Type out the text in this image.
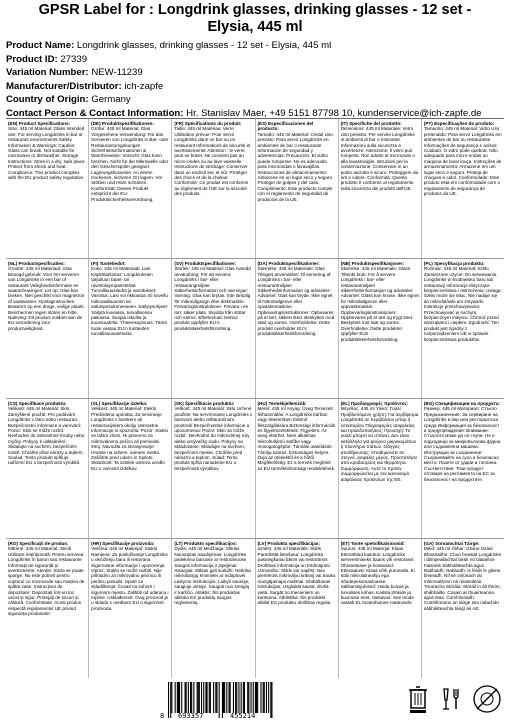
GPSR Label for : Longdrink glasses, drinking glasses - 12 set -
Elysia, 445 ml
Product Name: Longdrink glasses, drinking glasses - 12 set - Elysia, 445 ml
Product ID: 27339
Variation Number: NEW-11239
Manufacturer/Distributor: ich-zapfe
Country of Origin: Germany
Contact Person & Contact Information: Hr. Stanislav Maer, +49 5151 87798 10, kundenservice@ich-zapfe.de

(EN) Product Specifications:

Size: 445 ml Material: Glass Intended use: For serving Longdrinks in bar or restaurant environments Safety Information & Warnings: Caution: Glass can break. Not suitable for microwave or dishwasher. Storage Instructions: Store in a dry, safe place. Protect from shock and heat. Compliance: This product complies with the EU product safety regulation.

(DE) Produktspezifikationen:

Größe: 445 ml Material: Glas Vorgesehene Verwendung: Für das Servieren von Longdrinks in Bar- oder Restaurantumgebungen Sicherheitsinformationen & Warnhinweise: Vorsicht: Glas kann brechen. Nicht für die Mikrowelle oder den Geschirrspüler geeignet. Lagerungshinweise: An einem trockenen, sicheren Ort lagern. Vor Stößen und Hitze schützen. Konformität: Dieses Produkt entspricht der EU-Produktsicherheitsverordnung.

(FR) Spécifications du produit:

Taille: 445 ml Matériau: Verre Utilisation prévue: Pour servir Longdrinks dans un bar ou un restaurant Informations de sécurité et avertissements: Attention : le verre peut se briser. Ne convient pas au micro-ondes ou au lave-vaisselle. Instructions de stockage: Conserver dans un endroit sec et sûr. Protéger des chocs et de la chaleur. Conformité: Ce produit est conforme au règlement de l'UE sur la sécurité des produits.

(ES) Especificaciones del producto:

Tamaño: 445 ml Material: Cristal Uso previsto: Para servir Longdrinks en ambientes de bar o restaurante Información de seguridad y advertencias: Precaución: El vidrio puede romperse. No es adecuado para microondas o lavavajillas. Instrucciones de almacenamiento: Almacene en un lugar seco y seguro. Proteger de golpes y del calor. Cumplimiento: Este producto cumple con el reglamento de seguridad de productos de la UE.

(IT) Specifiche del prodotto:

Dimensioni: 445 ml Materiale: Vetro Uso previsto: Per servire Longdrinks in ambienti di bar o ristorante Informazioni sulla sicurezza e avvertenze: Attenzione: Il vetro può rompersi. Non adatto al microonde o alla lavastoviglie. Istruzioni per la conservazione: Conservare in un posto asciutto e sicuro. Proteggere da urti e calore. Conformità: Questo prodotto è conforme al regolamento sulla sicurezza dei prodotti dell'UE.

(PT) Especificações do produto:

Tamanho: 445 ml Material: Vidro Uso pretendido: Para servir Longdrinks em ambientes de bar ou restaurante Informações de segurança e avisos: Cuidado: O vidro pode quebrar. Não adequado para micro-ondas ou máquina de lavar louça. Instruções de armazenamento: Armazene em um lugar seco e seguro. Proteja de choques e calor. Conformidade: Este produto está em conformidade com o regulamento de segurança de produtos da UE.

(NL) Productspecificaties:

Grootte: 445 ml Materiaal: Glas Beoogd gebruik: Voor het serveren van Longdrinks in een bar of restaurant Veiligheidsinformatie en waarschuwingen: Let op: Glas kan breken. Niet geschikt voor magnetron of vaatwasser. Opslaginstructies: Bewaren op een droge, veilige plaats. Beschermen tegen stoten en hitte. Naleving: Dit product voldoet aan de EU-verordening voor productveiligheid.

(FI) Tuotetiedot:

Koko: 445 ml Materiaali: Lasi Käyttötarkoitus: Longdrinksien tarjoiluun baari- tai ravintolaympäristössä Turvallisuustiedot ja varoitukset: Varoitus: Lasi voi rikkoutua. Ei sovellu mikroaaltouuniin tai astianpesukoneeseen. Säilytysohjeet: Säilytä kuivassa, turvallisessa paikassa. Suojaa iskuilta ja kuumuudelta. Yhteensopivuus: Tämä tuote vastaa EU:n tuotteiden turvallisuusasetusta.

(SV) Produktspecifikationer:

Storlek: 445 ml Material: Glas Avsedd användning: För att servera Longdrinks i bar- eller restaurangmiljöer Säkerhetsinformation och varningar: Varning: Glas kan brytas. Inte lämplig för mikrovågsugn eller diskmaskin. Förvaringsinstruktioner: Förvara i en torr, säker plats. Skydda från stötar och värme. Efterlevnad: Denna produkt uppfyller EU:s produktsäkerhetsförordning.

(DA) Produktspecifikationer:

Størrelse: 445 ml Materiale: Glas Tilsigtet anvendelse: Til servering af Longdrinks i bar- eller restaurantmiljøer Sikkerhedsinformation og advarsler: Advarsel: Glas kan bryde. Ikke egnet til mikrobølgeovn eller opvaskemaskine. Opbevaringsinstruktioner: Opbevares på et tørt, sikkert sted. Beskyttes mod stød og varme. Overholdelse: Dette produkt overholder EU's produktsikkerhedsforordning.

(NB) Produktspesifikasjoner:

Størrelse: 445 ml Materiale: Glass Tiltenkt bruk: For å servere Longdrinks i bar- eller restaurantmiljøer Sikkerhetsinformasjon og advarsler: Advarsel: Glass kan knuse. Ikke egnet for mikrobølgeovn eller oppvaskmaskin. Oppbevaringsinstruksjoner: Oppbevares på et tørt og trygt sted. Beskyttes mot støt og varme. Overholdelse: Dette produktet oppfyller EUs produktsikkerhetsforordning.

(PL) Specyfikacja produktu:

Rozmiar: 445 ml Materiał: Szkło Zamierzone użycie: Do serwowania Longdrinks w środowisku baru lub restauracji Informacje dotyczące bezpieczeństwa i ostrzeżenia: Uwaga: Szkło może się stłuc. Nie nadaje się do mikrofalówki ani zmywarki. Instrukcje przechowywania: Przechowywać w suchym, bezpiecznym miejscu. Chronić przed wstrząsami i ciepłem. Zgodność: Ten produkt jest zgodny z rozporządzeniem UE w sprawie bezpieczeństwa produktów.

(CS) Specifikace produktu:

Velikost: 445 ml Materiál: Sklo Zamýšlené použití: Pro podávání Longdrinks v baru nebo restauraci Bezpečnostní informace a varování: Pozor: Sklo se může rozbít. Nevhodné do mikrovlnné trouby nebo myčky. Pokyny k uskladnění: Skladujte na suchém, bezpečném místě. Chraňte před nárazy a teplem. Soulad: Tento produkt splňuje nařízení EU o bezpečnosti výrobků.

(SL) Specifikacije izdelka:

Velikost: 445 ml Material: Steklo Predvidena uporaba: Za serviranje Longdrinks v barskem ali restavracijskem okolju Varnostne informacije in opozorila: Pozor: Steklo se lahko zlomi. Ni primerno za mikrovalovno pečico ali pomivalni stroj. Navodila za shranjevanje: Hranite na suhem, varnem mestu. Zaščitite pred udarci in toploto. Skladnost: Ta izdelek ustreza uredbi EU o varnosti izdelkov.

(SK) Špecifikácie produktu:

Veľkosť: 445 ml Materiál: Sklo Určené použitie: Na servírovanie Longdrinks v barovom alebo reštauračnom prostredí Bezpečnostné informácie a upozornenia: Pozor: Sklo sa môže rozbiť. Nevhodné do mikrovlnnej rúry alebo umývačky riadu. Pokyny na skladovanie: Skladujte na suchom, bezpečnom mieste. Chráňte pred nárazmi a teplom. Súlad: Tento produkt spĺňa nariadenie EÚ o bezpečnosti výrobkov.

(HU) Termékjellemzők:

Méret: 445 ml Anyag: Üveg Tervezett felhasználás: A Longdrinks bárban vagy étteremben történő felszolgálására Biztonsági információk és figyelmeztetések: Figyelem: Az üveg eltörhet. Nem alkalmas mikrohullámú sütőbe vagy mosogatógépbe. Tárolási utasítások: Tárolja száraz, biztonságos helyen. Óvja az ütésektől és a hőtől. Megfelelőség: Ez a termék megfelel az EU termékbiztonsági rendeletének.

(EL) Προδιαγραφές προϊόντος:

Μέγεθος: 445 ml Υλικό: Γυαλί Προβλεπόμενη χρήση: Για σερβίρισμα Longdrinks σε περιβάλλον μπαρ ή εστιατορίου Πληροφορίες ασφαλείας και προειδοποιήσεις: Προσοχή: Το γυαλί μπορεί να σπάσει. Δεν είναι κατάλληλο για φούρνο μικροκυμάτων ή πλυντήριο πιάτων. Οδηγίες αποθήκευσης: Αποθηκεύστε σε στεγνό, ασφαλές μέρος. Προστατέψτε από κραδασμούς και θερμότητα. Συμμόρφωση: Αυτό το προϊόν συμμορφώνεται με τον κανονισμό ασφάλειας προϊόντων της ΕΕ.

(BG) Спецификации на продукта:

Размер: 445 ml Материал: Стъкло Предназначение: За сервиране на Longdrinks в бар или ресторантска среда Информация за безопасност и предупреждения: Внимание: Стъклото може да се счупи. Не е подходящо за микровълнова фурна или съдомиялна машина. Инструкции за съхранение: Съхранявайте на сухо и безопасно място. Пазете от удари и топлина. Съответствие: Този продукт отговаря на регламента на ЕС за безопасност на продуктите.

(RO) Specificații de produs:

Mărime: 445 ml Material: Sticlă Utilizare intenționată: Pentru servirea Longdrinks în baruri sau restaurante Informații de siguranță și avertismente: Atenție: Sticla se poate sparge. Nu este potrivit pentru cuptorul cu microunde sau mașina de spălat vase. Instrucțiuni de depozitare: Depozitați într-un loc uscat și sigur. Protejați de șocuri și căldură. Conformitate: Acest produs respectă regulamentul UE privind siguranța produselor.

(HR) Specifikacije proizvoda:

Veličina: 445 ml Materijal: Staklo Namjena: Za posluživanje Longdrinks u okruženju bara ili restorana Sigurnosne informacije i upozorenja: Oprez: Staklo se može razbiti. Nije prikladno za mikrovalnu pećnicu ili perilicu posuđa. Upute za skladištenje: Čuvati na suhom i sigurnom mjestu. Zaštititi od udaraca i topline. Usklađenost: Ovaj proizvod je u skladu s uredbom EU o sigurnosti proizvoda.

(LT) Produkto specifikacijos:

Dydis: 445 ml Medžiaga: Stiklas Numatytas naudojimas: Longdrinks patiekimui baruose ar restoranuose Saugos informacija ir įspėjimai: Atsargiai: Stiklas gali sudužti. Netinka mikrobangų krosnelei ar indaplovei. Laikymo instrukcijos: Laikyti sausoje, saugioje vietoje. Saugoti nuo smūgių ir karščio. Atitiktis: Šis produktas atitinka ES produktų saugos reglamentą.

(LV) Produkta specifikācijas:

Izmērs: 445 ml Materiāls: Stikls Paredzētā lietošana: Longdrinks pasniegšanai bāros vai restorānos Drošības informācija un brīdinājumi: Uzmanību: Stikls var saplīst. Nav piemērots mikroviļņu krāsnij vai trauku mazgājamajai mašīnai. Glabāšanas instrukcijas: Uzglabāt sausā, drošā vietā. Sargāt no triecieniem un karstuma. Atbilstība: Šis produkts atbilst ES produktu drošības regulai.

(ET) Toote spetsifikatsioonid:

Suurus: 445 ml Materjal: Klaas Ettenähtud kasutus: Longdrinks serveerimiseks baaris või restoranis Ohutusteave ja hoiatused: Ettevaatust: Klaas võib puruneda. Ei sobi mikrolaineahju ega nõudepesumasinasse. Säilitamisjuhised: Hoida kuivas ja turvalises kohas. Kaitsta löökide ja kuumuse eest. Vastavus: See toode vastab EL tooteohutuse määrusele.

(GA) Sonraíochtaí Táirge:

Méid: 445 ml Ábhar: Gloine Úsáid Bheartaithe: Chun freastal Longdrinks i dtimpeallachtaí beáir nó bialainne Faisnéis Sábháilteachta agus Rabhaidh: Rabhadh: Is féidir le gloine briseadh. Níl sé oiriúnach do mhicreathonn ná miasniteoir. Treoracha Stórála: Stóráil in áit thirim, shábháilte. Cosain ar thuairteanna agus teas. Comhlíonadh: Comhlíonann an táirge seo rialachán sábháilteachta táirgí an AE.

8 693357	455214
